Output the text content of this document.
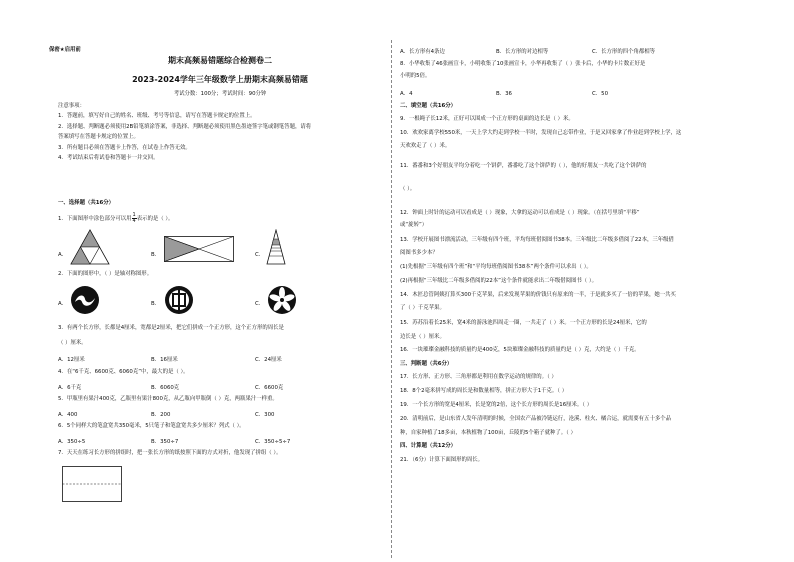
保密★启用前
期末高频易错题综合检测卷二
2023-2024学年三年级数学上册期末高频易错题
考试分数：100分；考试时间：90分钟
注意事项：
1．答题前，填写好自己的姓名、班级、考号等信息，请写在答题卡规定的位置上。
2．选择题、判断题必须使用2B铅笔填涂答案，非选择、判断题必须使用黑色墨迹签字笔或钢笔答题，请将
答案填写在答题卡规定的位置上。
3．所有题目必须在答题卡上作答，在试卷上作答无效。
4．考试结束后将试卷和答题卡一并交回。
一、选择题（共16分）
1．下面图形中涂色部分可以用 $\frac{1}{4}$ 表示的是（ ）。
A．	B．	C．
2．下面的图形中，（ ）是轴对称图形。
A．	B．	C．
3．有两个长方形，长都是4厘米，宽都是2厘米，把它们拼成一个正方形，这个正方形的周长是
（ ）厘米。
A．12厘米	B．16厘米	C．24厘米
4．在“6千克、6600克、6060克”中，最大的是（ ）。
A．6千克	B．6060克	C．6600克
5．甲瓶里有果汁400克，乙瓶里有果汁800克，从乙瓶向甲瓶倒（ ）克，两瓶果汁一样重。
A．400	B．200	C．300
6．5个同样大的笔盒宽共350毫米，5只笔子和笔盒宽共多少厘米？列式（ ）。
A．350÷5	B．350÷7	C．350÷5÷7
7．天天在练习长方形的拼组时，把一张长方形的纸按照下面的方式对折，他发现了拼组（ ）。
A．长方形有4条边	B．长方形的对边相等	C．长方形的四个角都相等
8．小华收集了46张画宣卡，小明收集了10张画宣卡，小华再收集了（ ）张卡后，小华的卡片数正好是
小明的5倍。
A．4	B．36	C．50
二、填空题（共16分）
9．一根绳子长12米，正好可以围成一个正方形的桌面的边长是（ ）米。
10．欢欢家离学校550米，一天上学大约走到学校一半时，发现自己忘带作业，于是又回家拿了作业赶到学校上学，这
天欢欢走了（ ）米。
11．番番和3个好朋友平均分着吃一个饼萨，番番吃了这个饼萨的（ ），他的好朋友一共吃了这个饼萨的
（ ）。
12．钟面上时针的运动可以看成是（ ）现象，大拿的运动可以看成是（ ）现象。（在括号里填“平移”
或“旋转”）
13．学校开展图书漂流活动，三年级有四个班，平均每班借阅图书38本。三年级比二年级多借阅了22本，三年级借
阅图书多少本？
(1)先根据“三年级有四个班”和“平均每班借阅图书38本”两个条件可以求出（ ）。
(2)再根据“三年级比二年级多借阅的22本”这个条件就能求出二年级借阅图书（ ）。
14．木匠总管阿姨打算买300千克苹果，后来发现苹果的价钱只有原来的一半，于是就多买了一倍的苹果，她一共买
了（ ）千克苹果。
15．苏苏沿着长25米，宽4米的游泳池四周走一圈，一共走了（ ）米。一个正方形的长是24厘米，它的
边长是（ ）厘米。
16．一块璀璨金融科技的质量约是400克，5块璀璨金融科技的质量约是（ ）克，大约是（ ）千克。
三、判断题（共6分）
17．长方形、正方形、三角形都是利用在数学运动的规律的。（ ）
18．8个2毫米拼写成的周长是和数量相等，拼正方形大于1千克。（ ）
19．一个长方形的宽是4厘米，长是宽的2倍，这个长方形的周长是16厘米。（ ）
20．清明前后，是山东省人发年清明的时候，全国农产品被冷链运行，沧溪、柱火、橘合运，就需要有五十多个品
种，自家种植了18多亩，本秋植物了100亩，丘陵的5个箱子就种了。（ ）
四、计算题（共12分）
21．（6分）计算下面图形的周长。
